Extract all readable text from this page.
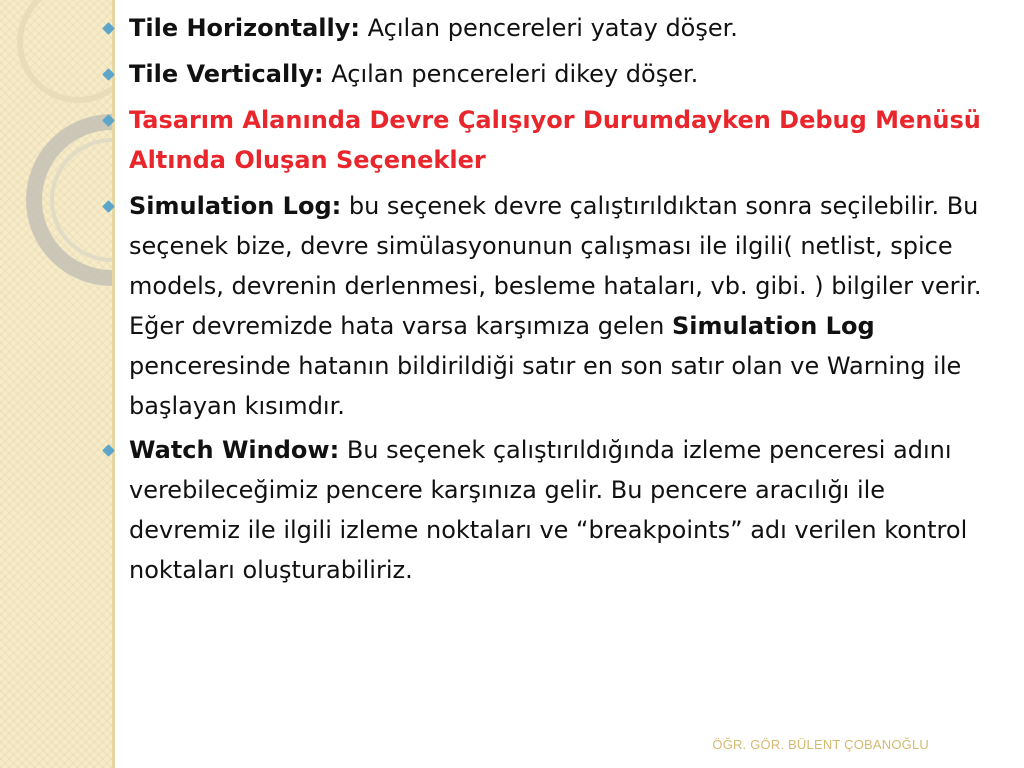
Tile Horizontally: Açılan pencereleri yatay döşer.
Tile Vertically: Açılan pencereleri dikey döşer.
Tasarım Alanında Devre Çalışıyor Durumdayken Debug Menüsü Altında Oluşan Seçenekler
Simulation Log: bu seçenek devre çalıştırıldıktan sonra seçilebilir. Bu seçenek bize, devre simülasyonunun çalışması ile ilgili( netlist, spice models, devrenin derlenmesi, besleme hataları, vb. gibi. ) bilgiler verir. Eğer devremizde hata varsa karşımıza gelen Simulation Log penceresinde hatanın bildirildiği satır en son satır olan ve Warning ile başlayan kısımdır.
Watch Window: Bu seçenek çalıştırıldığında izleme penceresi adını verebileceğimiz pencere karşınıza gelir. Bu pencere aracılığı ile devremiz ile ilgili izleme noktaları ve “breakpoints” adı verilen kontrol noktaları oluşturabiliriz.
ÖĞR. GÖR. BÜLENT ÇOBANOĞLU
